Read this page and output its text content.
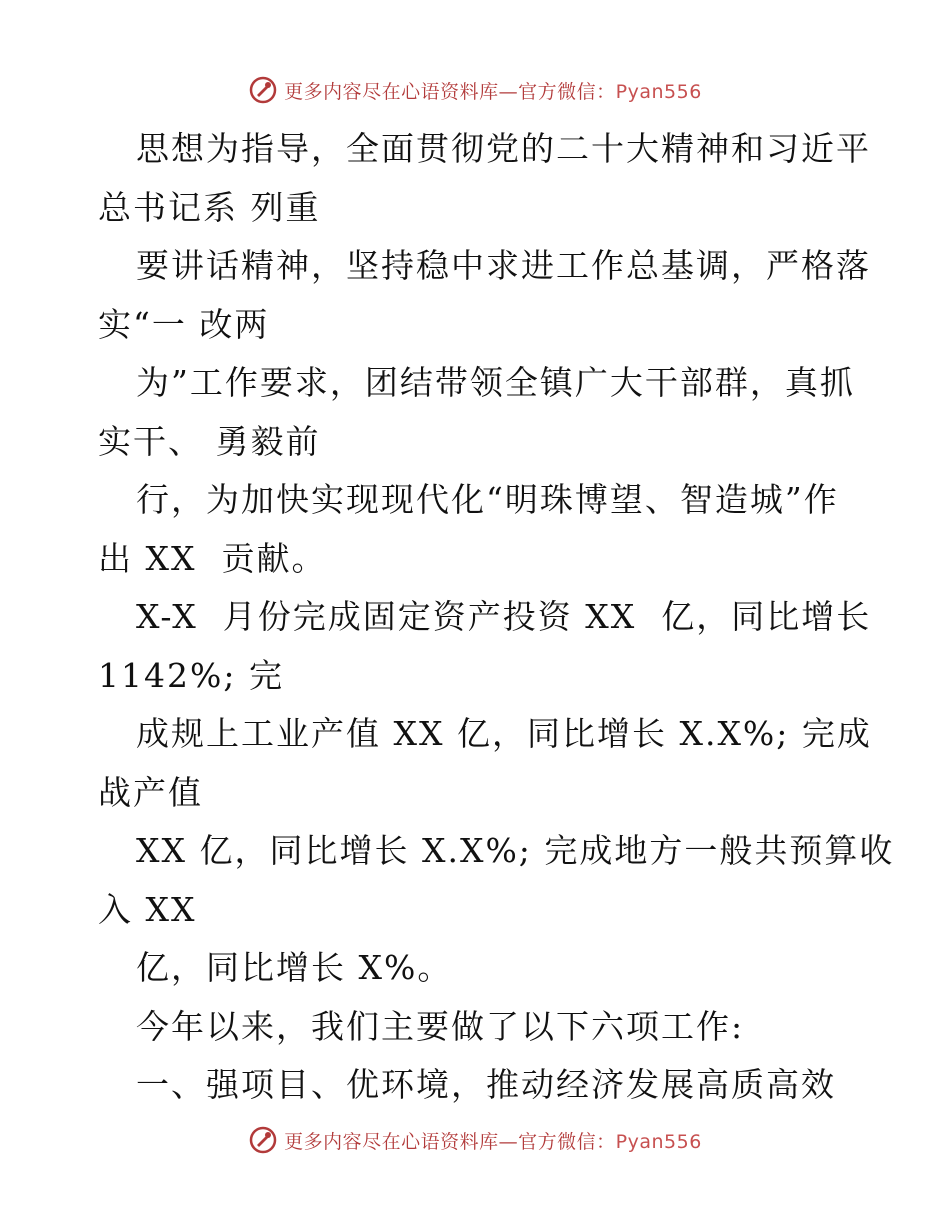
更多内容尽在心语资料库—官方微信：Pyan556
思想为指导，全面贯彻党的二十大精神和习近平
总书记系 列重
要讲话精神，坚持稳中求进工作总基调，严格落
实“一 改两
为”工作要求，团结带领全镇广大干部群，真抓
实干、 勇毅前
行，为加快实现现代化“明珠博望、智造城”作
出 XX  贡献。
X-X  月份完成固定资产投资 XX  亿，同比增长
1142%; 完
成规上工业产值 XX 亿，同比增长 X.X%; 完成
战产值
XX 亿，同比增长 X.X%; 完成地方一般共预算收
入 XX
亿，同比增长 X%。
今年以来，我们主要做了以下六项工作:
一、强项目、优环境，推动经济发展高质高效
更多内容尽在心语资料库—官方微信：Pyan556
